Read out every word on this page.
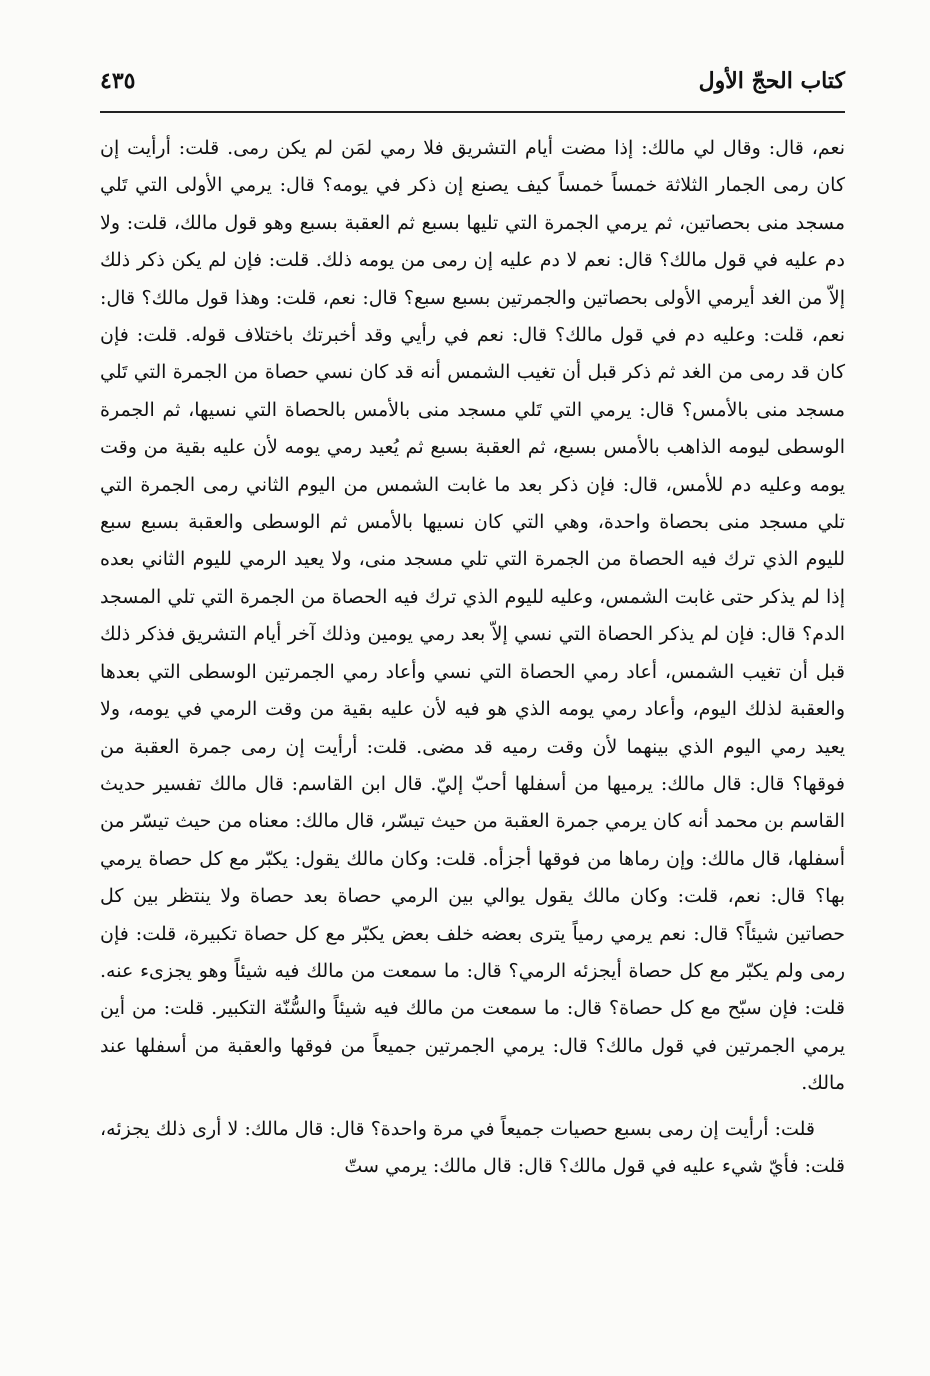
كتاب الحجّ الأول
٤٣٥

نعم، قال: وقال لي مالك: إذا مضت أيام التشريق فلا رمي لمَن لم يكن رمى. قلت: أرأيت إن كان رمى الجمار الثلاثة خمساً خمساً كيف يصنع إن ذكر في يومه؟ قال: يرمي الأولى التي تَلي مسجد منى بحصاتين، ثم يرمي الجمرة التي تليها بسبع ثم العقبة بسبع وهو قول مالك، قلت: ولا دم عليه في قول مالك؟ قال: نعم لا دم عليه إن رمى من يومه ذلك. قلت: فإن لم يكن ذكر ذلك إلاّ من الغد أيرمي الأولى بحصاتين والجمرتين بسبع سبع؟ قال: نعم، قلت: وهذا قول مالك؟ قال: نعم، قلت: وعليه دم في قول مالك؟ قال: نعم في رأيي وقد أخبرتك باختلاف قوله. قلت: فإن كان قد رمى من الغد ثم ذكر قبل أن تغيب الشمس أنه قد كان نسي حصاة من الجمرة التي تَلي مسجد منى بالأمس؟ قال: يرمي التي تَلي مسجد منى بالأمس بالحصاة التي نسيها، ثم الجمرة الوسطى ليومه الذاهب بالأمس بسبع، ثم العقبة بسبع ثم يُعيد رمي يومه لأن عليه بقية من وقت يومه وعليه دم للأمس، قال: فإن ذكر بعد ما غابت الشمس من اليوم الثاني رمى الجمرة التي تلي مسجد منى بحصاة واحدة، وهي التي كان نسيها بالأمس ثم الوسطى والعقبة بسبع سبع لليوم الذي ترك فيه الحصاة من الجمرة التي تلي مسجد منى، ولا يعيد الرمي لليوم الثاني بعده إذا لم يذكر حتى غابت الشمس، وعليه لليوم الذي ترك فيه الحصاة من الجمرة التي تلي المسجد الدم؟ قال: فإن لم يذكر الحصاة التي نسي إلاّ بعد رمي يومين وذلك آخر أيام التشريق فذكر ذلك قبل أن تغيب الشمس، أعاد رمي الحصاة التي نسي وأعاد رمي الجمرتين الوسطى التي بعدها والعقبة لذلك اليوم، وأعاد رمي يومه الذي هو فيه لأن عليه بقية من وقت الرمي في يومه، ولا يعيد رمي اليوم الذي بينهما لأن وقت رميه قد مضى. قلت: أرأيت إن رمى جمرة العقبة من فوقها؟ قال: قال مالك: يرميها من أسفلها أحبّ إليّ. قال ابن القاسم: قال مالك تفسير حديث القاسم بن محمد أنه كان يرمي جمرة العقبة من حيث تيسّر، قال مالك: معناه من حيث تيسّر من أسفلها، قال مالك: وإن رماها من فوقها أجزأه. قلت: وكان مالك يقول: يكبّر مع كل حصاة يرمي بها؟ قال: نعم، قلت: وكان مالك يقول يوالي بين الرمي حصاة بعد حصاة ولا ينتظر بين كل حصاتين شيئاً؟ قال: نعم يرمي رمياً يترى بعضه خلف بعض يكبّر مع كل حصاة تكبيرة، قلت: فإن رمى ولم يكبّر مع كل حصاة أيجزئه الرمي؟ قال: ما سمعت من مالك فيه شيئاً وهو يجزىء عنه. قلت: فإن سبّح مع كل حصاة؟ قال: ما سمعت من مالك فيه شيئاً والسُّنّة التكبير. قلت: من أين يرمي الجمرتين في قول مالك؟ قال: يرمي الجمرتين جميعاً من فوقها والعقبة من أسفلها عند مالك.

قلت: أرأيت إن رمى بسبع حصيات جميعاً في مرة واحدة؟ قال: قال مالك: لا أرى ذلك يجزئه، قلت: فأيّ شيء عليه في قول مالك؟ قال: قال مالك: يرمي ستّ
